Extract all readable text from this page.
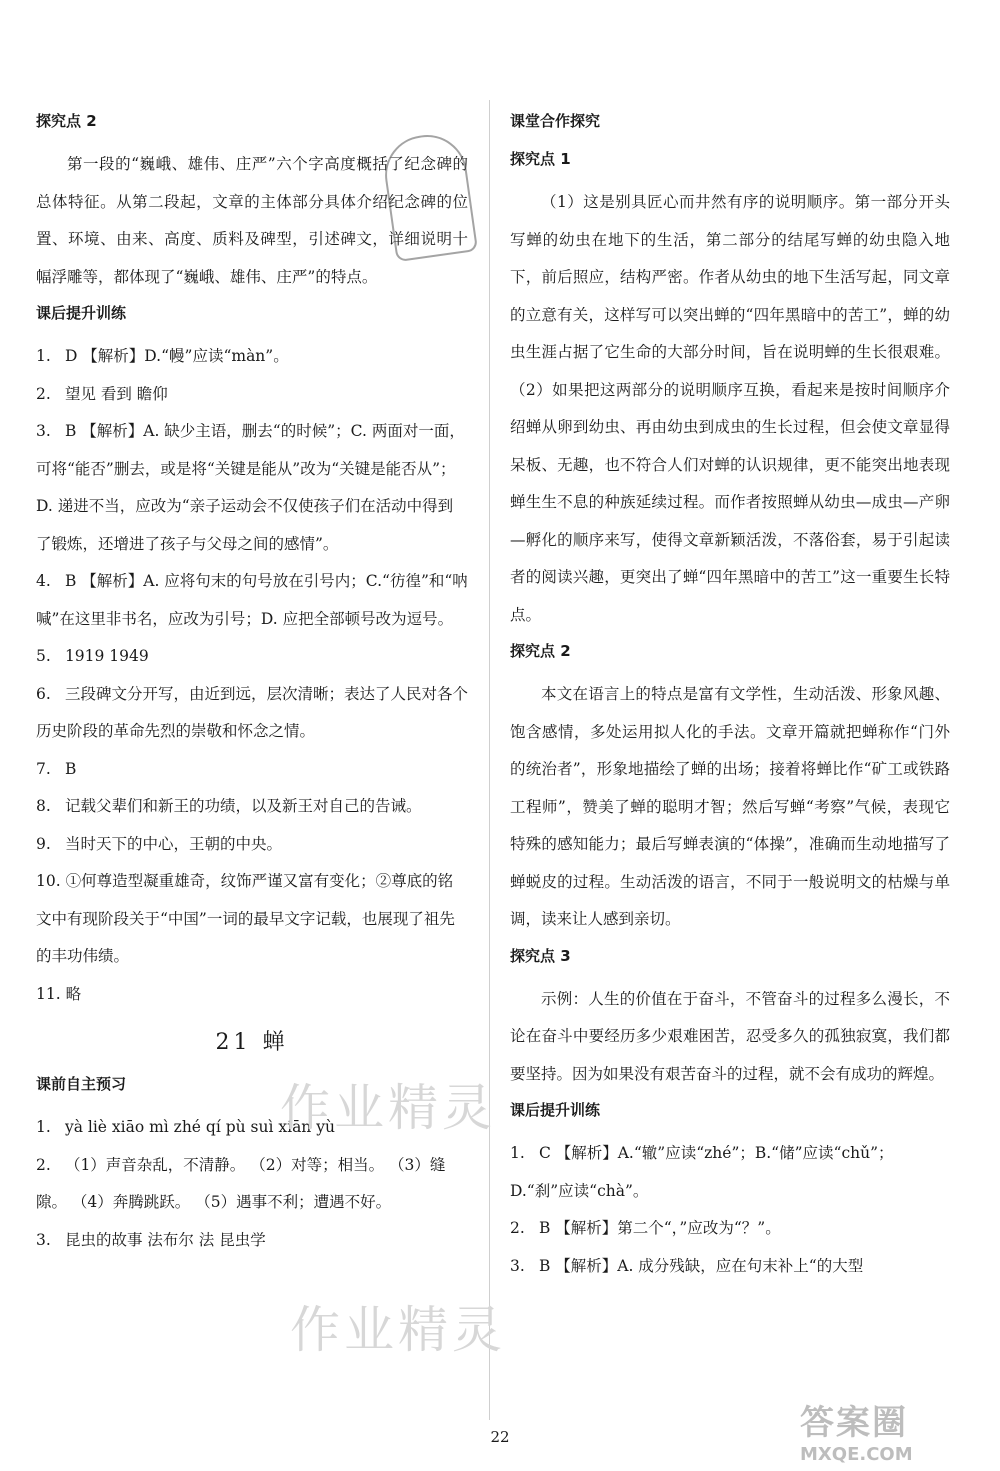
探究点 2

第一段的“巍峨、雄伟、庄严”六个字高度概括了纪念碑的总体特征。从第二段起，文章的主体部分具体介绍纪念碑的位置、环境、由来、高度、质料及碑型，引述碑文，详细说明十幅浮雕等，都体现了“巍峨、雄伟、庄严”的特点。

课后提升训练

1. D 【解析】D.“幔”应读“màn”。

2. 望见 看到 瞻仰

3. B 【解析】A. 缺少主语，删去“的时候”；C. 两面对一面，可将“能否”删去，或是将“关键是能从”改为“关键是能否从”；D. 递进不当，应改为“亲子运动会不仅使孩子们在活动中得到了锻炼，还增进了孩子与父母之间的感情”。

4. B 【解析】A. 应将句末的句号放在引号内；C.“彷徨”和“呐喊”在这里非书名，应改为引号；D. 应把全部顿号改为逗号。

5. 1919 1949

6. 三段碑文分开写，由近到远，层次清晰；表达了人民对各个历史阶段的革命先烈的崇敬和怀念之情。

7. B

8. 记载父辈们和新王的功绩，以及新王对自己的告诫。

9. 当时天下的中心，王朝的中央。

10. ①何尊造型凝重雄奇，纹饰严谨又富有变化；②尊底的铭文中有现阶段关于“中国”一词的最早文字记载，也展现了祖先的丰功伟绩。

11. 略

21 蝉
课前自主预习

1. yà liè xiāo mì zhé qí pù suì xiān yù

2. （1）声音杂乱，不清静。 （2）对等；相当。 （3）缝隙。 （4）奔腾跳跃。 （5）遇事不利；遭遇不好。

3. 昆虫的故事 法布尔 法 昆虫学

课堂合作探究
探究点 1

（1）这是别具匠心而井然有序的说明顺序。第一部分开头写蝉的幼虫在地下的生活，第二部分的结尾写蝉的幼虫隐入地下，前后照应，结构严密。作者从幼虫的地下生活写起，同文章的立意有关，这样写可以突出蝉的“四年黑暗中的苦工”，蝉的幼虫生涯占据了它生命的大部分时间，旨在说明蝉的生长很艰难。（2）如果把这两部分的说明顺序互换，看起来是按时间顺序介绍蝉从卵到幼虫、再由幼虫到成虫的生长过程，但会使文章显得呆板、无趣，也不符合人们对蝉的认识规律，更不能突出地表现蝉生生不息的种族延续过程。而作者按照蝉从幼虫—成虫—产卵—孵化的顺序来写，使得文章新颖活泼，不落俗套，易于引起读者的阅读兴趣，更突出了蝉“四年黑暗中的苦工”这一重要生长特点。

探究点 2

本文在语言上的特点是富有文学性，生动活泼、形象风趣、饱含感情，多处运用拟人化的手法。文章开篇就把蝉称作“门外的统治者”，形象地描绘了蝉的出场；接着将蝉比作“矿工或铁路工程师”，赞美了蝉的聪明才智；然后写蝉“考察”气候，表现它特殊的感知能力；最后写蝉表演的“体操”，准确而生动地描写了蝉蜕皮的过程。生动活泼的语言，不同于一般说明文的枯燥与单调，读来让人感到亲切。

探究点 3

示例：人生的价值在于奋斗，不管奋斗的过程多么漫长，不论在奋斗中要经历多少艰难困苦，忍受多久的孤独寂寞，我们都要坚持。因为如果没有艰苦奋斗的过程，就不会有成功的辉煌。

课后提升训练

1. C 【解析】A.“辙”应读“zhé”；B.“储”应读“chǔ”；D.“刹”应读“chà”。

2. B 【解析】第二个“，”应改为“？”。

3. B 【解析】A. 成分残缺，应在句末补上“的大型

作业精灵
作业精灵
22	答案圈
MXQE.COM
